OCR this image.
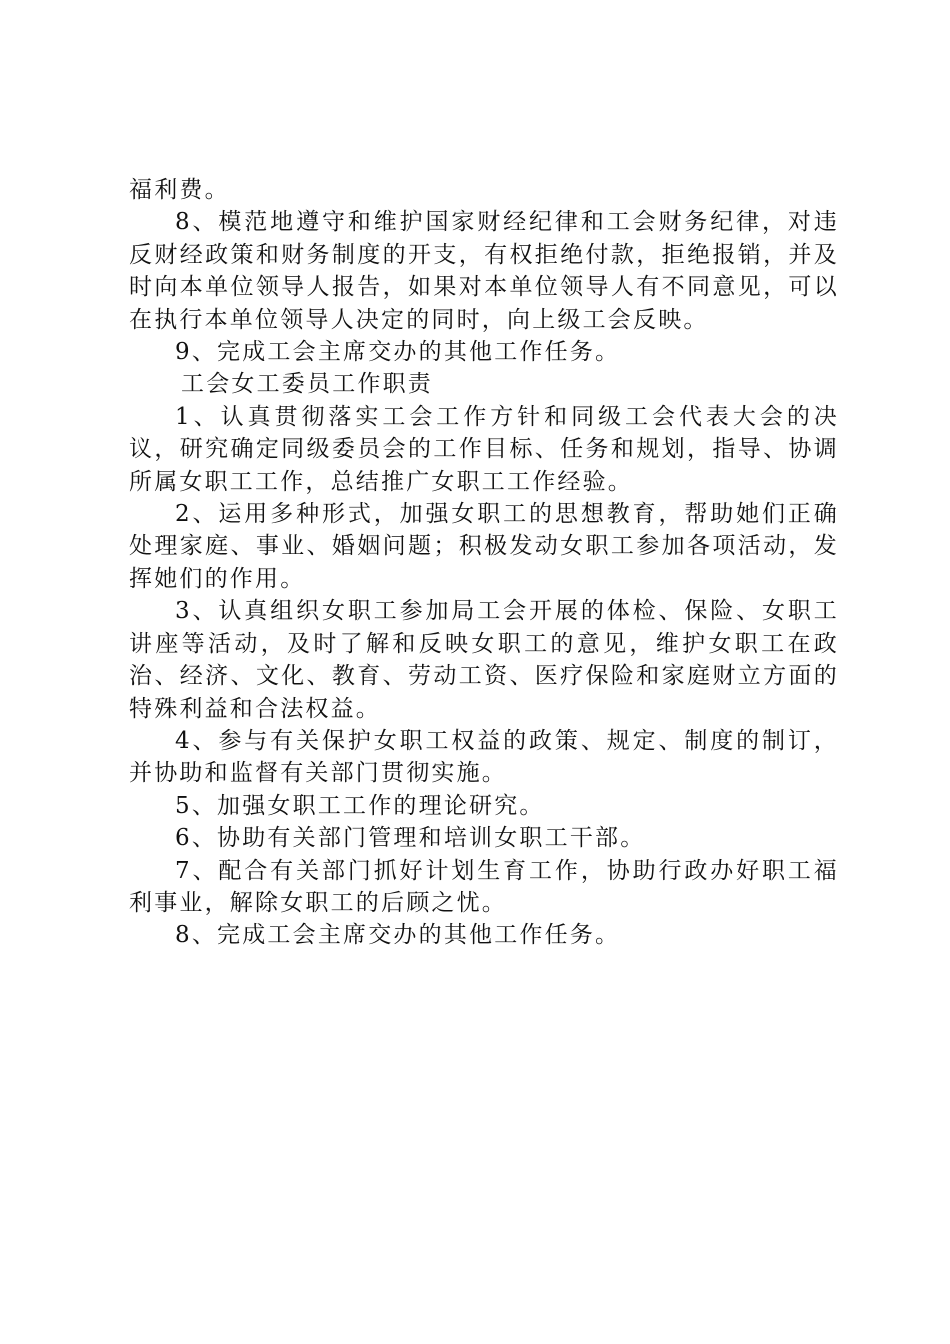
福利费。

8、模范地遵守和维护国家财经纪律和工会财务纪律，对违反财经政策和财务制度的开支，有权拒绝付款，拒绝报销，并及时向本单位领导人报告，如果对本单位领导人有不同意见，可以在执行本单位领导人决定的同时，向上级工会反映。

9、完成工会主席交办的其他工作任务。

工会女工委员工作职责

1、认真贯彻落实工会工作方针和同级工会代表大会的决议，研究确定同级委员会的工作目标、任务和规划，指导、协调所属女职工工作，总结推广女职工工作经验。

2、运用多种形式，加强女职工的思想教育，帮助她们正确处理家庭、事业、婚姻问题；积极发动女职工参加各项活动，发挥她们的作用。

3、认真组织女职工参加局工会开展的体检、保险、女职工讲座等活动，及时了解和反映女职工的意见，维护女职工在政治、经济、文化、教育、劳动工资、医疗保险和家庭财立方面的特殊利益和合法权益。

4、参与有关保护女职工权益的政策、规定、制度的制订，并协助和监督有关部门贯彻实施。

5、加强女职工工作的理论研究。

6、协助有关部门管理和培训女职工干部。

7、配合有关部门抓好计划生育工作，协助行政办好职工福利事业，解除女职工的后顾之忧。

8、完成工会主席交办的其他工作任务。
